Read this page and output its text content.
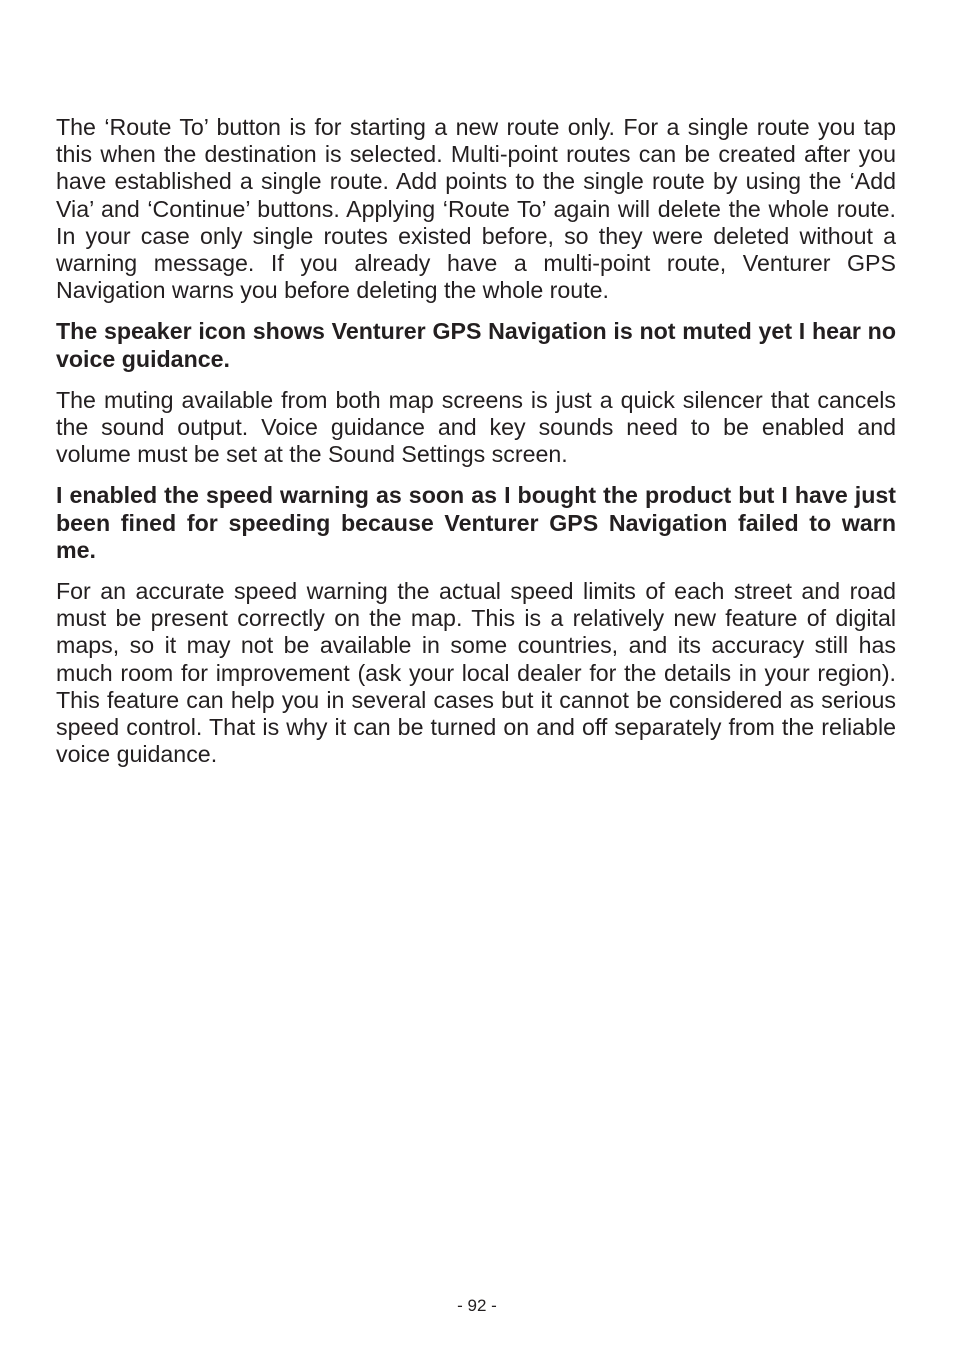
The ‘Route To’ button is for starting a new route only. For a single route you tap this when the destination is selected. Multi-point routes can be created after you have established a single route. Add points to the single route by using the ‘Add Via’ and ‘Continue’ buttons. Applying ‘Route To’ again will delete the whole route. In your case only single routes existed before, so they were deleted without a warning message. If you already have a multi-point route, Venturer GPS Navigation warns you before deleting the whole route.

The speaker icon shows Venturer GPS Navigation is not muted yet I hear no voice guidance.

The muting available from both map screens is just a quick silencer that cancels the sound output. Voice guidance and key sounds need to be enabled and volume must be set at the Sound Settings screen.

I enabled the speed warning as soon as I bought the product but I have just been fined for speeding because Venturer GPS Navigation failed to warn me.

For an accurate speed warning the actual speed limits of each street and road must be present correctly on the map. This is a relatively new feature of digital maps, so it may not be available in some countries, and its accuracy still has much room for improvement (ask your local dealer for the details in your region). This feature can help you in several cases but it cannot be considered as serious speed control. That is why it can be turned on and off separately from the reliable voice guidance.

- 92 -
